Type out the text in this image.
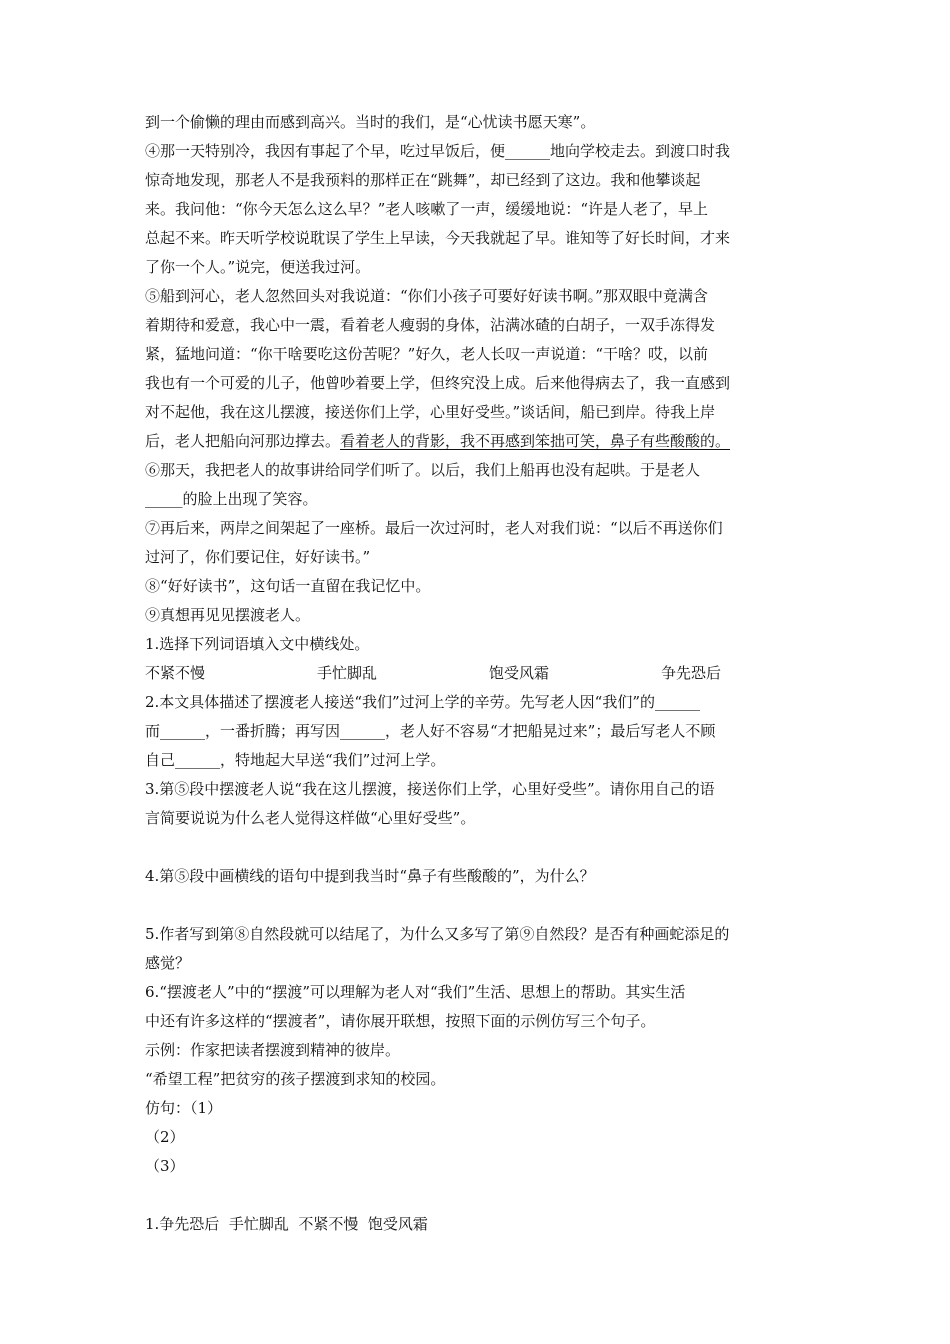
到一个偷懒的理由而感到高兴。当时的我们，是“心忧读书愿天寒”。
④那一天特别冷，我因有事起了个早，吃过早饭后，便______地向学校走去。到渡口时我
惊奇地发现，那老人不是我预料的那样正在“跳舞”，却已经到了这边。我和他攀谈起
来。我问他：“你今天怎么这么早？”老人咳嗽了一声，缓缓地说：“许是人老了，早上
总起不来。昨天听学校说耽误了学生上早读，今天我就起了早。谁知等了好长时间，才来
了你一个人。”说完，便送我过河。
⑤船到河心，老人忽然回头对我说道：“你们小孩子可要好好读书啊。”那双眼中竟满含
着期待和爱意，我心中一震，看着老人瘦弱的身体，沾满冰碴的白胡子，一双手冻得发
紧，猛地问道：“你干啥要吃这份苦呢？”好久，老人长叹一声说道：“干啥？哎，以前
我也有一个可爱的儿子，他曾吵着要上学，但终究没上成。后来他得病去了，我一直感到
对不起他，我在这儿摆渡，接送你们上学，心里好受些。”谈话间，船已到岸。待我上岸
后，老人把船向河那边撑去。看着老人的背影，我不再感到笨拙可笑，鼻子有些酸酸的。
⑥那天，我把老人的故事讲给同学们听了。以后，我们上船再也没有起哄。于是老人
_____的脸上出现了笑容。
⑦再后来，两岸之间架起了一座桥。最后一次过河时，老人对我们说：“以后不再送你们
过河了，你们要记住，好好读书。”
⑧“好好读书”，这句话一直留在我记忆中。
⑨真想再见见摆渡老人。
1.选择下列词语填入文中横线处。
不紧不慢	手忙脚乱	饱受风霜	争先恐后
2.本文具体描述了摆渡老人接送“我们”过河上学的辛劳。先写老人因“我们”的______
而______，一番折腾；再写因______，老人好不容易“才把船晃过来”；最后写老人不顾
自己______，特地起大早送“我们”过河上学。
3.第⑤段中摆渡老人说“我在这儿摆渡，接送你们上学，心里好受些”。请你用自己的语
言简要说说为什么老人觉得这样做“心里好受些”。
4.第⑤段中画横线的语句中提到我当时“鼻子有些酸酸的”，为什么？
5.作者写到第⑧自然段就可以结尾了，为什么又多写了第⑨自然段？是否有种画蛇添足的
感觉？
6.“摆渡老人”中的“摆渡”可以理解为老人对“我们”生活、思想上的帮助。其实生活
中还有许多这样的“摆渡者”，请你展开联想，按照下面的示例仿写三个句子。
示例：作家把读者摆渡到精神的彼岸。
“希望工程”把贫穷的孩子摆渡到求知的校园。
仿句：（1）
（2）
（3）
1.争先恐后  手忙脚乱  不紧不慢  饱受风霜
